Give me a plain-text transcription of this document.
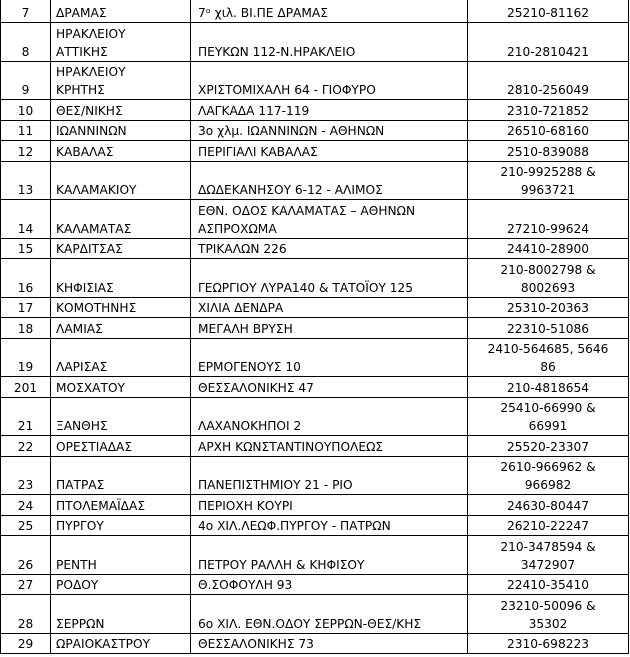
7	ΔΡΑΜΑΣ	7ᵒ χιλ. ΒΙ.ΠΕ ΔΡΑΜΑΣ	25210-81162
8	ΗΡΑΚΛΕΙΟΥ
ΑΤΤΙΚΗΣ	ΠΕΥΚΩΝ 112-Ν.ΗΡΑΚΛΕΙΟ	210-2810421
9	ΗΡΑΚΛΕΙΟΥ
ΚΡΗΤΗΣ	ΧΡΙΣΤΟΜΙΧΑΛΗ 64 - ΓΙΟΦΥΡΟ	2810-256049
10	ΘΕΣ/ΝΙΚΗΣ	ΛΑΓΚΑΔΑ 117-119	2310-721852
11	ΙΩΑΝΝΙΝΩΝ	3ο χλμ. ΙΩΑΝΝΙΝΩΝ - ΑΘΗΝΩΝ	26510-68160
12	ΚΑΒΑΛΑΣ	ΠΕΡΙΓΙΑΛΙ ΚΑΒΑΛΑΣ	2510-839088
13	ΚΑΛΑΜΑΚΙΟΥ	ΔΩΔΕΚΑΝΗΣΟΥ 6-12 - ΑΛΙΜΟΣ	210-9925288 &
9963721
14	ΚΑΛΑΜΑΤΑΣ	ΕΘΝ. ΟΔΟΣ ΚΑΛΑΜΑΤΑΣ – ΑΘΗΝΩΝ
ΑΣΠΡΟΧΩΜΑ	27210-99624
15	ΚΑΡΔΙΤΣΑΣ	ΤΡΙΚΑΛΩΝ 226	24410-28900
16	ΚΗΦΙΣΙΑΣ	ΓΕΩΡΓΙΟΥ ΛΥΡΑ140 & ΤΑΤΟΪΟΥ 125	210-8002798 &
8002693
17	ΚΟΜΟΤΗΝΗΣ	ΧΙΛΙΑ ΔΕΝΔΡΑ	25310-20363
18	ΛΑΜΙΑΣ	ΜΕΓΑΛΗ ΒΡΥΣΗ	22310-51086
19	ΛΑΡΙΣΑΣ	ΕΡΜΟΓΕΝΟΥΣ 10	2410-564685, 5646
86
201	ΜΟΣΧΑΤΟΥ	ΘΕΣΣΑΛΟΝΙΚΗΣ 47	210-4818654
21	ΞΑΝΘΗΣ	ΛΑΧΑΝΟΚΗΠΟΙ 2	25410-66990 &
66991
22	ΟΡΕΣΤΙΑΔΑΣ	ΑΡΧΗ ΚΩΝΣΤΑΝΤΙΝΟΥΠΟΛΕΩΣ	25520-23307
23	ΠΑΤΡΑΣ	ΠΑΝΕΠΙΣΤΗΜΙΟΥ 21 - ΡΙΟ	2610-966962 &
966982
24	ΠΤΟΛΕΜΑΪΔΑΣ	ΠΕΡΙΟΧΗ ΚΟΥΡΙ	24630-80447
25	ΠΥΡΓΟΥ	4ο ΧΙΛ.ΛΕΩΦ.ΠΥΡΓΟΥ - ΠΑΤΡΩΝ	26210-22247
26	ΡΕΝΤΗ	ΠΕΤΡΟΥ ΡΑΛΛΗ & ΚΗΦΙΣΟΥ	210-3478594 &
3472907
27	ΡΟΔΟΥ	Θ.ΣΟΦΟΥΛΗ 93	22410-35410
28	ΣΕΡΡΩΝ	6ο ΧΙΛ. ΕΘΝ.ΟΔΟΥ ΣΕΡΡΩΝ-ΘΕΣ/ΚΗΣ	23210-50096 &
35302
29	ΩΡΑΙΟΚΑΣΤΡΟΥ	ΘΕΣΣΑΛΟΝΙΚΗΣ 73	2310-698223
